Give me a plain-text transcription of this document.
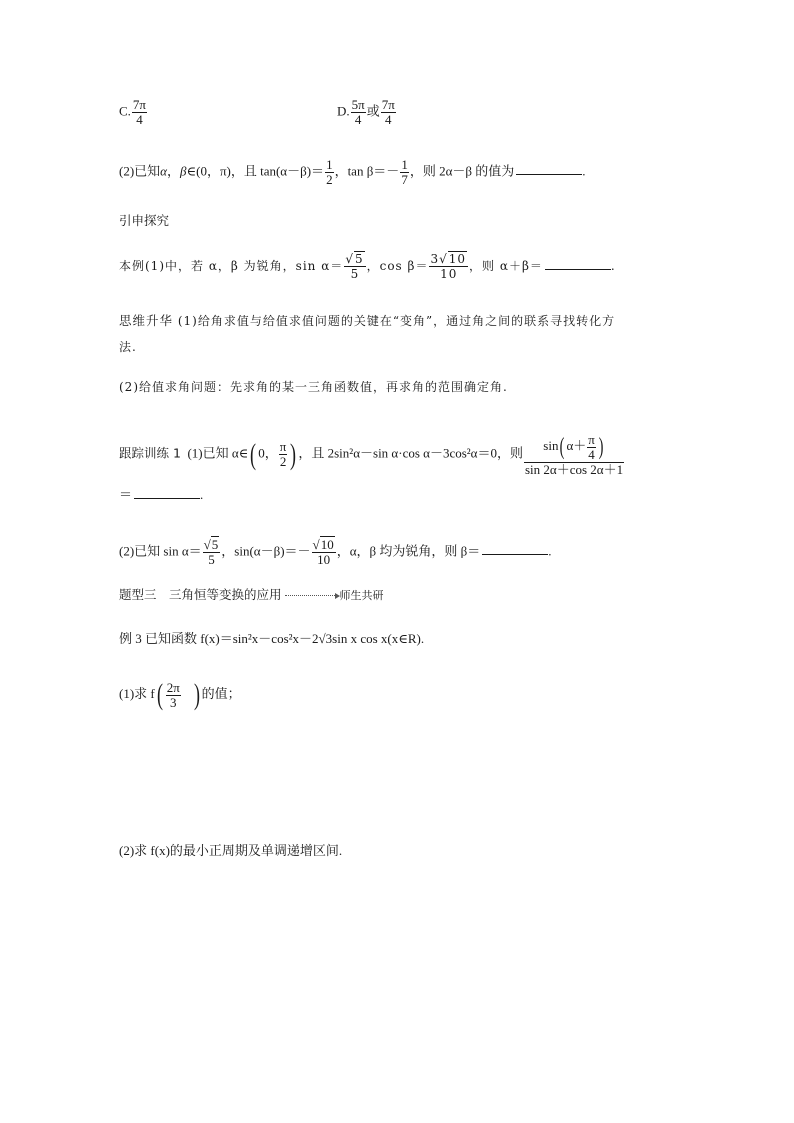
C. $\frac{7\pi}{4}$	D. $\frac{5\pi}{4}$ 或 $\frac{7\pi}{4}$
(2)已知α，β∈(0，π)，且 $\tan(\alpha-\beta)= \frac{1}{2}$ ，$\tan \beta=- \frac{1}{7}$ ，则 2α－β 的值为	.
引申探究
本例(1)中，若 α，β 为锐角，$\sin \alpha= \frac{√5}{5}$ ，$\cos \beta= \frac{3√10}{10}$ ，则 α＋β＝	.
思维升华 (1)给角求值与给值求值问题的关键在“变角”，通过角之间的联系寻找转化方
法.
(2)给值求角问题：先求角的某一三角函数值，再求角的范围确定角.
跟踪训练 1 (1)已知 α∈( 0， $\frac{\pi}{2}$ ) ，且 2sin²α－sin α·cos α－3cos²α＝0，则 $\frac{\sin( \alpha+ \frac{\pi}{4} )}{\sin 2\alpha+\cos 2\alpha+1}$
＝	.
(2)已知 $\sin \alpha= \frac{√5}{5}$ ，$\sin(\alpha-\beta)=- \frac{√10}{10}$ ，α，β 均为锐角，则 β＝	.
题型三　三角恒等变换的应用	师生共研
例 3 已知函数 f(x)＝sin²x－cos²x－2√3sin x cos x(x∈R).
(1)求 $f( \frac{2\pi}{3}$ ) 的值；
(2)求 f(x)的最小正周期及单调递增区间.
